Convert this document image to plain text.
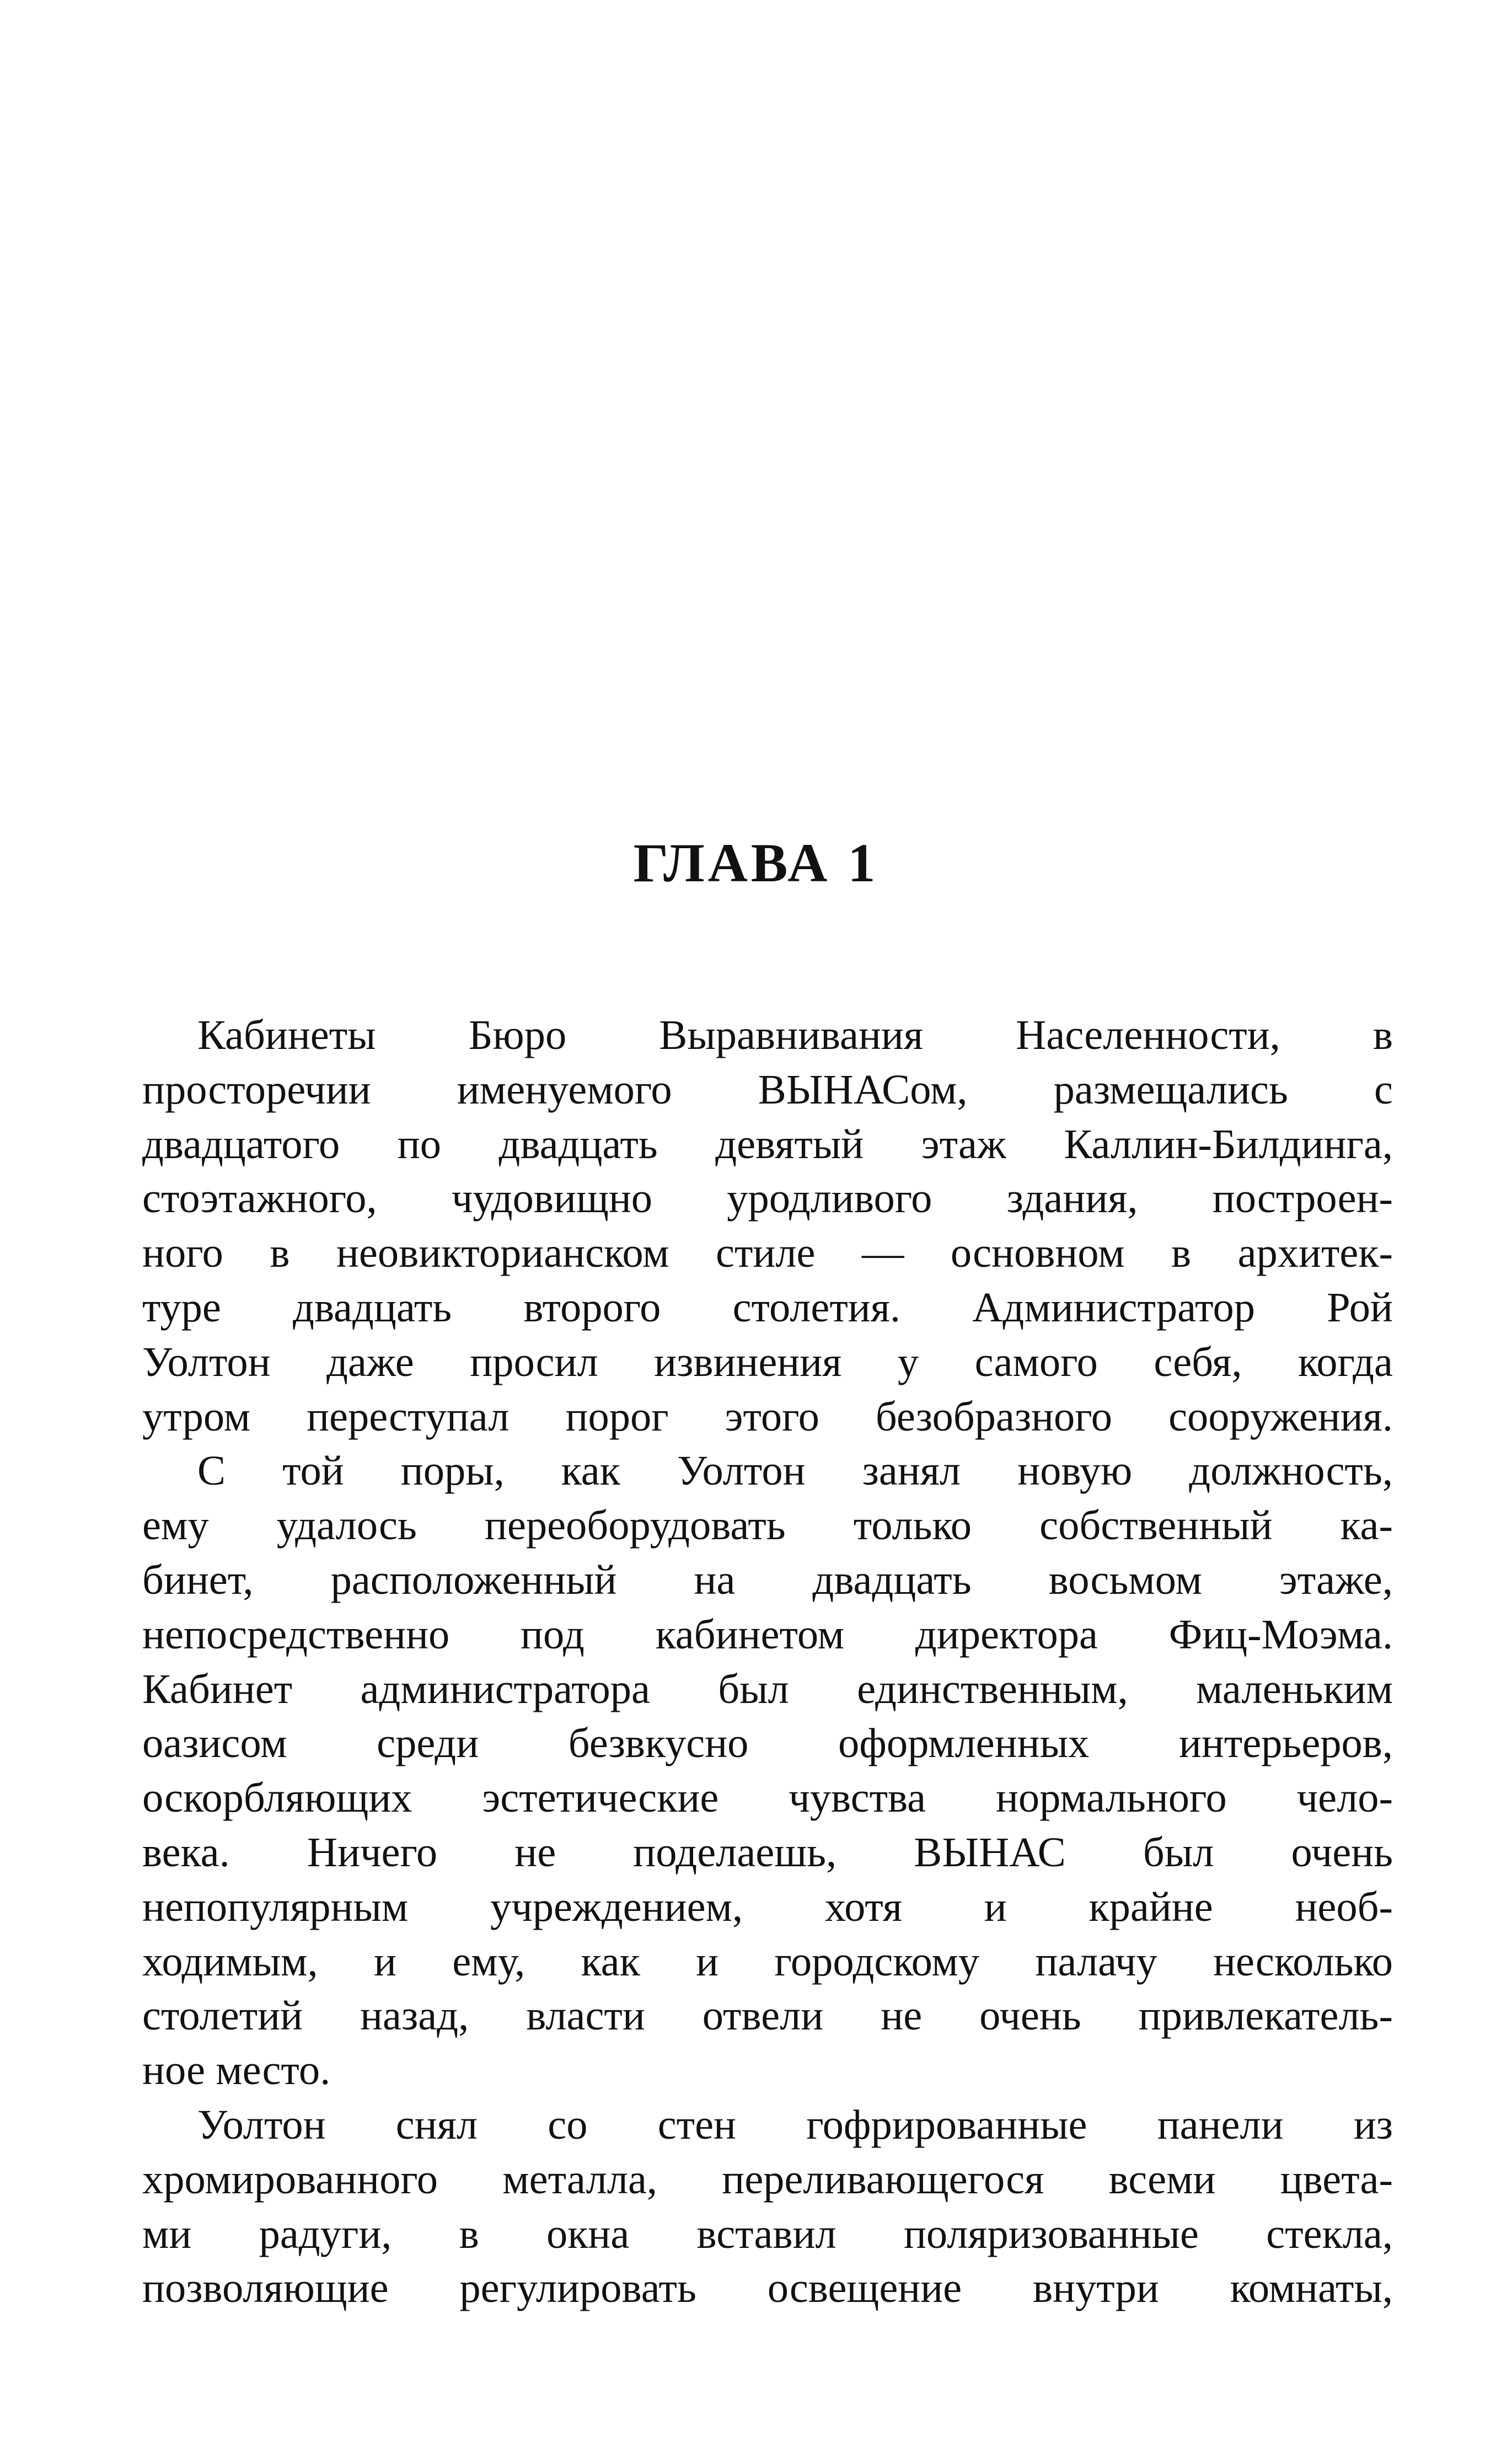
ГЛАВА 1
Кабинеты Бюро Выравнивания Населенности, в
просторечии именуемого ВЫНАСом, размещались с
двадцатого по двадцать девятый этаж Каллин-Билдинга,
стоэтажного, чудовищно уродливого здания, построен-
ного в неовикторианском стиле — основном в архитек-
туре двадцать второго столетия. Администратор Рой
Уолтон даже просил извинения у самого себя, когда
утром переступал порог этого безобразного сооружения.
С той поры, как Уолтон занял новую должность,
ему удалось переоборудовать только собственный ка-
бинет, расположенный на двадцать восьмом этаже,
непосредственно под кабинетом директора Фиц-Моэма.
Кабинет администратора был единственным, маленьким
оазисом среди безвкусно оформленных интерьеров,
оскорбляющих эстетические чувства нормального чело-
века. Ничего не поделаешь, ВЫНАС был очень
непопулярным учреждением, хотя и крайне необ-
ходимым, и ему, как и городскому палачу несколько
столетий назад, власти отвели не очень привлекатель-
ное место.
Уолтон снял со стен гофрированные панели из
хромированного металла, переливающегося всеми цвета-
ми радуги, в окна вставил поляризованные стекла,
позволяющие регулировать освещение внутри комнаты,
